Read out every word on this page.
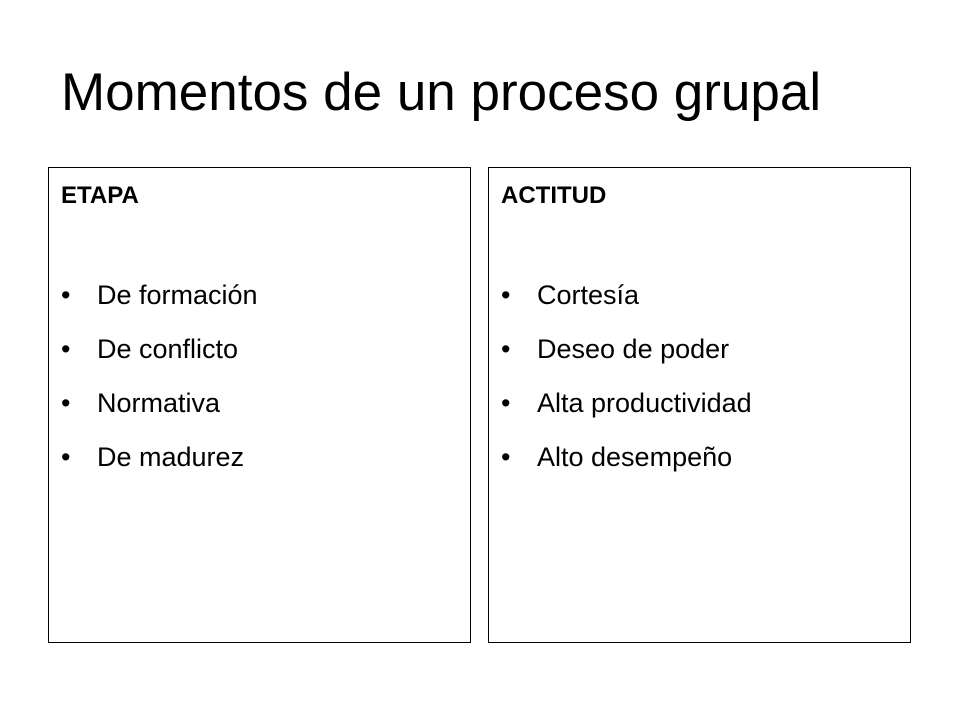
Momentos de un proceso grupal
ETAPA
• De formación
• De conflicto
• Normativa
• De madurez
ACTITUD
• Cortesía
• Deseo de poder
• Alta productividad
• Alto desempeño
